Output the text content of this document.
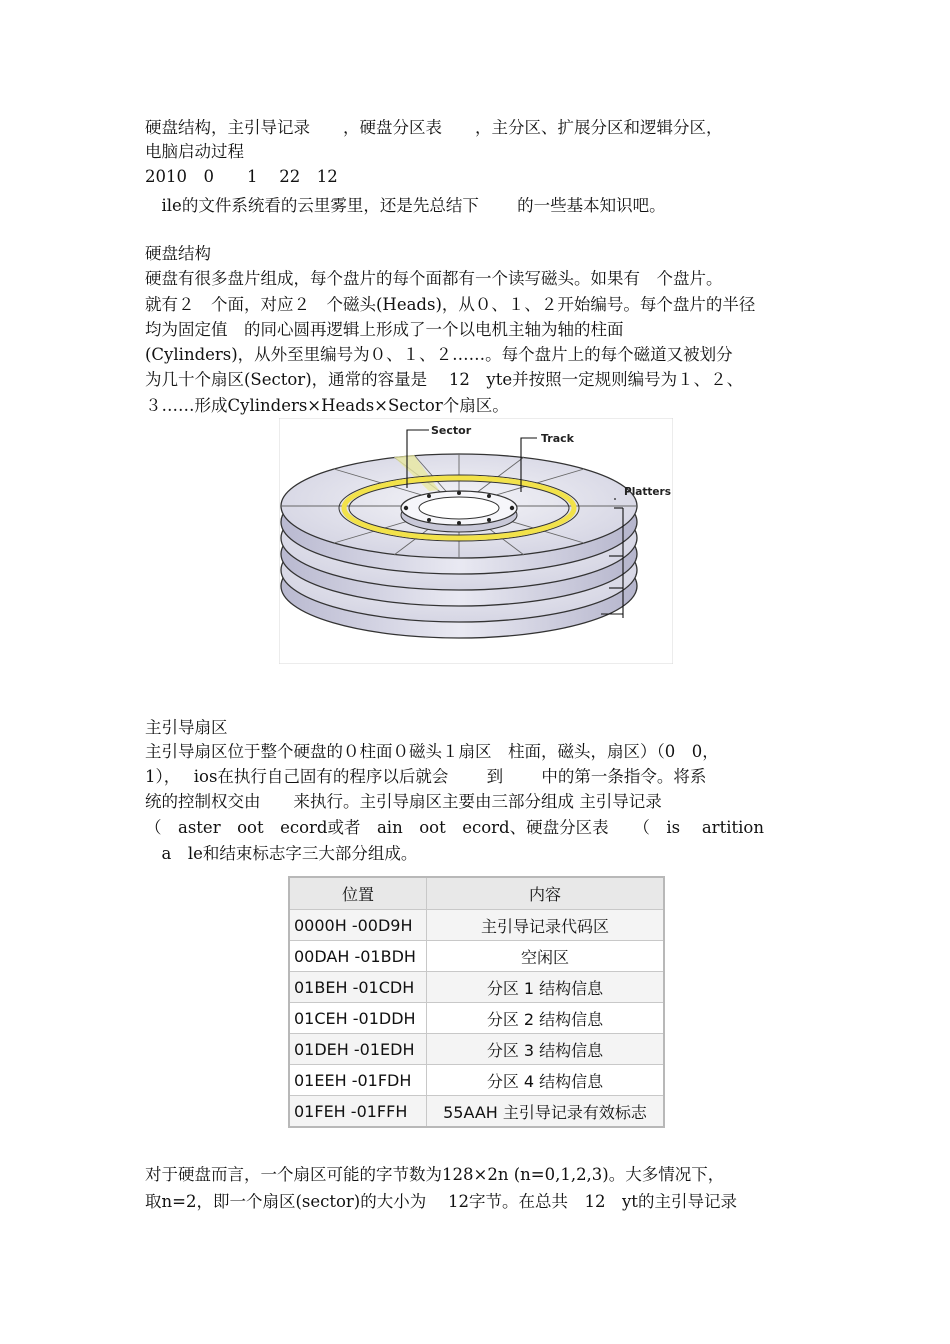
硬盘结构，主引导记录　　，硬盘分区表　　，主分区、扩展分区和逻辑分区，
电脑启动过程
2010　0　　1　 22　12
　ile的文件系统看的云里雾里，还是先总结下　　 的一些基本知识吧。
硬盘结构
硬盘有很多盘片组成，每个盘片的每个面都有一个读写磁头。如果有　个盘片。
就有２　个面，对应２　个磁头(Heads)，从０、１、２开始编号。每个盘片的半径
均为固定值　的同心圆再逻辑上形成了一个以电机主轴为轴的柱面
(Cylinders)，从外至里编号为０、１、２……。每个盘片上的每个磁道又被划分
为几十个扇区(Sector)，通常的容量是　 12　yte并按照一定规则编号为１、２、
３……形成Cylinders×Heads×Sector个扇区。
Sector
Track
Platters
主引导扇区
主引导扇区位于整个硬盘的０柱面０磁头１扇区　柱面，磁头，扇区）（0　0，
1），　 ios在执行自己固有的程序以后就会　　 到　　 中的第一条指令。将系
统的控制权交由　　来执行。主引导扇区主要由三部分组成 主引导记录
（　aster　oot　ecord或者　ain　oot　ecord、硬盘分区表　　（　is　 artition
　a　le和结束标志字三大部分组成。
位置	内容
0000H -00D9H	主引导记录代码区
00DAH -01BDH	空闲区
01BEH -01CDH	分区 1 结构信息
01CEH -01DDH	分区 2 结构信息
01DEH -01EDH	分区 3 结构信息
01EEH -01FDH	分区 4 结构信息
01FEH -01FFH	55AAH 主引导记录有效标志
对于硬盘而言，一个扇区可能的字节数为128×2n (n=0,1,2,3)。大多情况下，
取n=2，即一个扇区(sector)的大小为　 12字节。在总共　12　yt的主引导记录
